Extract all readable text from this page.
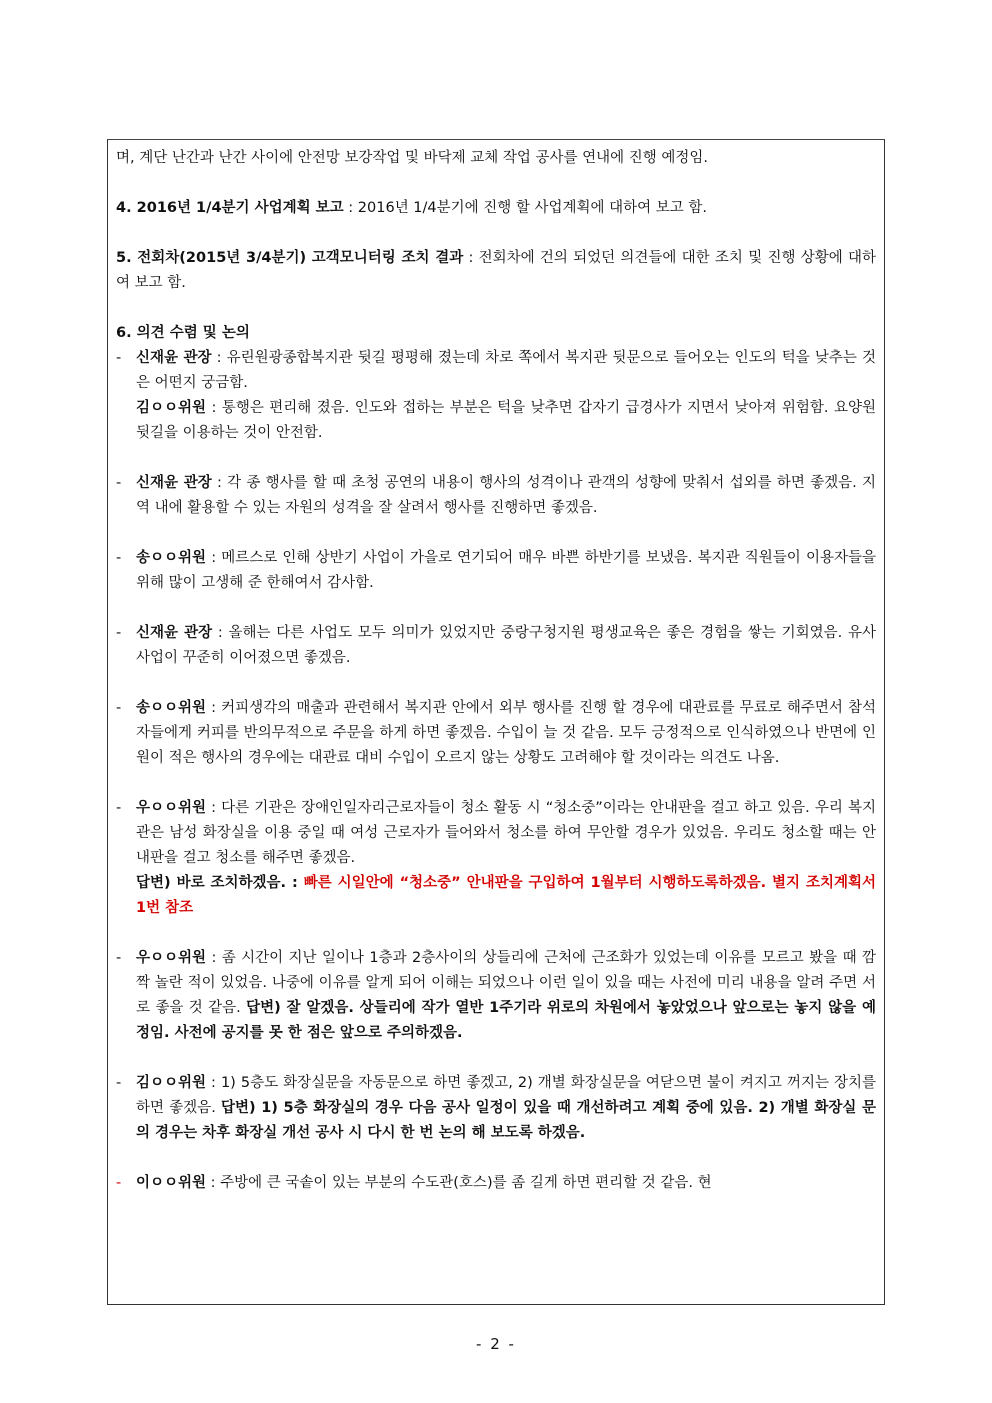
며, 계단 난간과 난간 사이에 안전망 보강작업 및 바닥제 교체 작업 공사를 연내에 진행 예정임.

4. 2016년 1/4분기 사업계획 보고 : 2016년 1/4분기에 진행 할 사업계획에 대하여 보고 함.

5. 전회차(2015년 3/4분기) 고객모니터링 조치 결과 : 전회차에 건의 되었던 의견들에 대한 조치 및 진행 상황에 대하여 보고 함.

6. 의견 수렴 및 논의

- 신재윤 관장 : 유린원광종합복지관 뒷길 평평해 졌는데 차로 쪽에서 복지관 뒷문으로 들어오는 인도의 턱을 낮추는 것은 어떤지 궁금함.

김ㅇㅇ위원 : 통행은 편리해 졌음. 인도와 접하는 부분은 턱을 낮추면 갑자기 급경사가 지면서 낮아져 위험함. 요양원뒷길을 이용하는 것이 안전함.

- 신재윤 관장 : 각 종 행사를 할 때 초청 공연의 내용이 행사의 성격이나 관객의 성향에 맞춰서 섭외를 하면 좋겠음. 지역 내에 활용할 수 있는 자원의 성격을 잘 살려서 행사를 진행하면 좋겠음.

- 송ㅇㅇ위원 : 메르스로 인해 상반기 사업이 가을로 연기되어 매우 바쁜 하반기를 보냈음. 복지관 직원들이 이용자들을 위해 많이 고생해 준 한해여서 감사함.

- 신재윤 관장 : 올해는 다른 사업도 모두 의미가 있었지만 중랑구청지원 평생교육은 좋은 경험을 쌓는 기회였음. 유사 사업이 꾸준히 이어졌으면 좋겠음.

- 송ㅇㅇ위원 : 커피생각의 매출과 관련해서 복지관 안에서 외부 행사를 진행 할 경우에 대관료를 무료로 해주면서 참석자들에게 커피를 반의무적으로 주문을 하게 하면 좋겠음. 수입이 늘 것 같음. 모두 긍정적으로 인식하였으나 반면에 인원이 적은 행사의 경우에는 대관료 대비 수입이 오르지 않는 상황도 고려해야 할 것이라는 의견도 나옴.

- 우ㅇㅇ위원 : 다른 기관은 장애인일자리근로자들이 청소 활동 시 “청소중”이라는 안내판을 걸고 하고 있음. 우리 복지관은 남성 화장실을 이용 중일 때 여성 근로자가 들어와서 청소를 하여 무안할 경우가 있었음. 우리도 청소할 때는 안내판을 걸고 청소를 해주면 좋겠음.

답변) 바로 조치하겠음. : 빠른 시일안에 “청소중” 안내판을 구입하여 1월부터 시행하도록하겠음. 별지 조치계획서 1번 참조

- 우ㅇㅇ위원 : 좀 시간이 지난 일이나 1층과 2층사이의 상들리에 근처에 근조화가 있었는데 이유를 모르고 봤을 때 깜짝 놀란 적이 있었음. 나중에 이유를 알게 되어 이해는 되었으나 이런 일이 있을 때는 사전에 미리 내용을 알려 주면 서로 좋을 것 같음. 답변) 잘 알겠음. 상들리에 작가 열반 1주기라 위로의 차원에서 놓았었으나 앞으로는 놓지 않을 예정임. 사전에 공지를 못 한 점은 앞으로 주의하겠음.

- 김ㅇㅇ위원 : 1) 5층도 화장실문을 자동문으로 하면 좋겠고, 2) 개별 화장실문을 여닫으면 불이 켜지고 꺼지는 장치를 하면 좋겠음. 답변) 1) 5층 화장실의 경우 다음 공사 일정이 있을 때 개선하려고 계획 중에 있음. 2) 개별 화장실 문의 경우는 차후 화장실 개선 공사 시 다시 한 번 논의 해 보도록 하겠음.

- 이ㅇㅇ위원 : 주방에 큰 국솥이 있는 부분의 수도관(호스)를 좀 길게 하면 편리할 것 같음. 현

- 2 -
